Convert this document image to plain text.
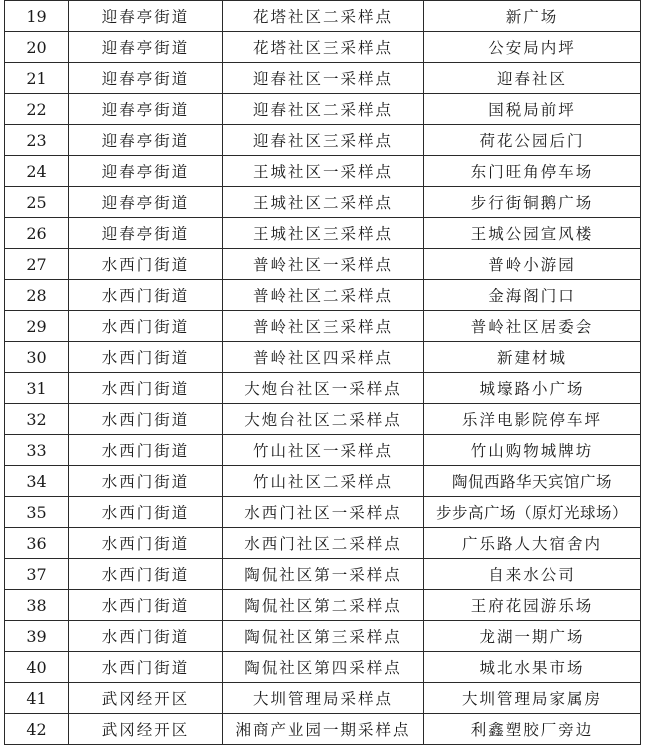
19	迎春亭街道	花塔社区二采样点	新广场
20	迎春亭街道	花塔社区三采样点	公安局内坪
21	迎春亭街道	迎春社区一采样点	迎春社区
22	迎春亭街道	迎春社区二采样点	国税局前坪
23	迎春亭街道	迎春社区三采样点	荷花公园后门
24	迎春亭街道	王城社区一采样点	东门旺角停车场
25	迎春亭街道	王城社区二采样点	步行街铜鹅广场
26	迎春亭街道	王城社区三采样点	王城公园宣风楼
27	水西门街道	普岭社区一采样点	普岭小游园
28	水西门街道	普岭社区二采样点	金海阁门口
29	水西门街道	普岭社区三采样点	普岭社区居委会
30	水西门街道	普岭社区四采样点	新建材城
31	水西门街道	大炮台社区一采样点	城壕路小广场
32	水西门街道	大炮台社区二采样点	乐洋电影院停车坪
33	水西门街道	竹山社区一采样点	竹山购物城牌坊
34	水西门街道	竹山社区二采样点	陶侃西路华天宾馆广场
35	水西门街道	水西门社区一采样点	步步高广场（原灯光球场）
36	水西门街道	水西门社区二采样点	广乐路人大宿舍内
37	水西门街道	陶侃社区第一采样点	自来水公司
38	水西门街道	陶侃社区第二采样点	王府花园游乐场
39	水西门街道	陶侃社区第三采样点	龙湖一期广场
40	水西门街道	陶侃社区第四采样点	城北水果市场
41	武冈经开区	大圳管理局采样点	大圳管理局家属房
42	武冈经开区	湘商产业园一期采样点	利鑫塑胶厂旁边
